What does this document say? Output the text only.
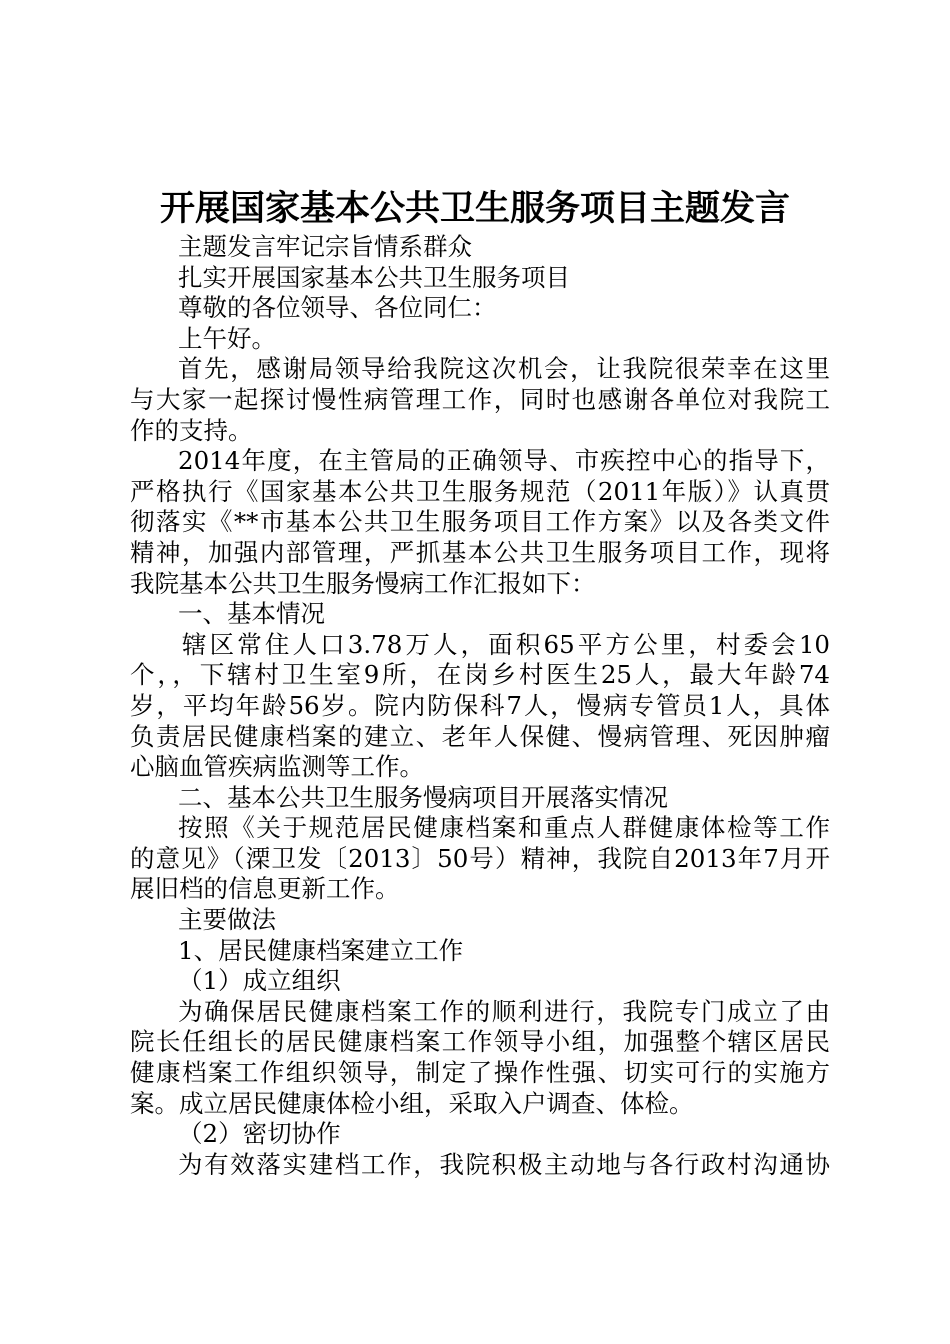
开展国家基本公共卫生服务项目主题发言
主题发言牢记宗旨情系群众
扎实开展国家基本公共卫生服务项目
尊敬的各位领导、各位同仁：
上午好。
首先，感谢局领导给我院这次机会，让我院很荣幸在这里
与大家一起探讨慢性病管理工作，同时也感谢各单位对我院工
作的支持。
2014年度，在主管局的正确领导、市疾控中心的指导下，
严格执行《国家基本公共卫生服务规范（2011年版）》认真贯
彻落实《**市基本公共卫生服务项目工作方案》以及各类文件
精神，加强内部管理，严抓基本公共卫生服务项目工作，现将
我院基本公共卫生服务慢病工作汇报如下：
一、基本情况
辖区常住人口3.78万人，面积65平方公里，村委会10
个，，下辖村卫生室9所，在岗乡村医生25人，最大年龄74
岁，平均年龄56岁。院内防保科7人，慢病专管员1人，具体
负责居民健康档案的建立、老年人保健、慢病管理、死因肿瘤
心脑血管疾病监测等工作。
二、基本公共卫生服务慢病项目开展落实情况
按照《关于规范居民健康档案和重点人群健康体检等工作
的意见》（溧卫发〔2013〕50号）精神，我院自2013年7月开
展旧档的信息更新工作。
主要做法
1、居民健康档案建立工作
（1）成立组织
为确保居民健康档案工作的顺利进行，我院专门成立了由
院长任组长的居民健康档案工作领导小组，加强整个辖区居民
健康档案工作组织领导，制定了操作性强、切实可行的实施方
案。成立居民健康体检小组，采取入户调查、体检。
（2）密切协作
为有效落实建档工作，我院积极主动地与各行政村沟通协
